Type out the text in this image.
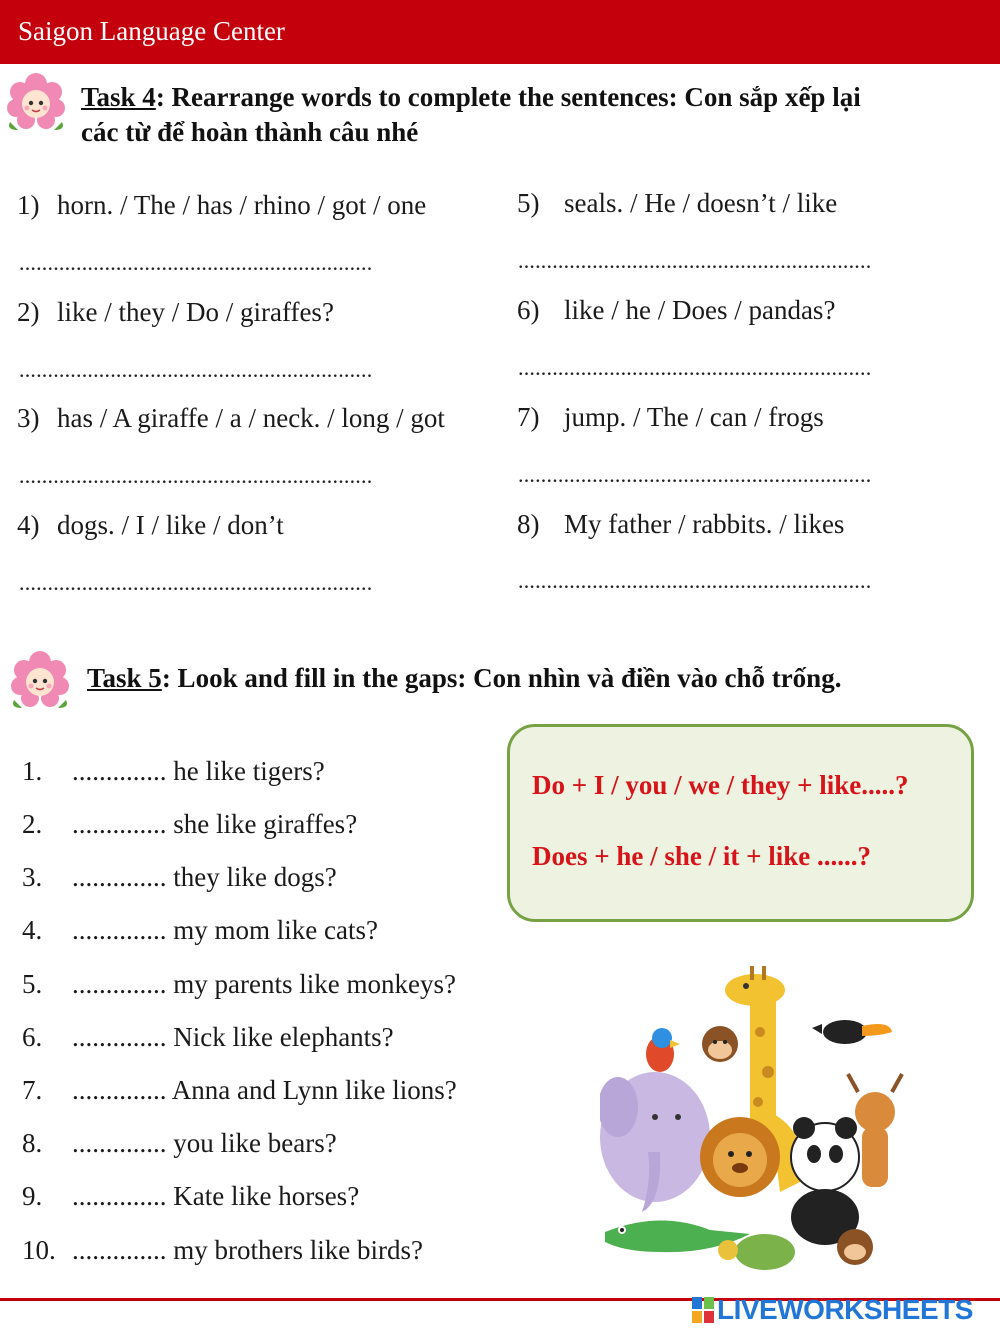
Saigon Language Center
Task 4: Rearrange words to complete the sentences: Con sắp xếp lại
các từ để hoàn thành câu nhé
1) horn. / The / has / rhino / got / one
..............................................................
2) like / they / Do / giraffes?
..............................................................
3) has / A giraffe / a / neck. / long / got
..............................................................
4) dogs. / I / like / don’t
..............................................................
5) seals. / He / doesn’t / like
..............................................................
6) like / he / Does / pandas?
..............................................................
7) jump. / The / can / frogs
..............................................................
8) My father / rabbits. / likes
..............................................................
Task 5: Look and fill in the gaps: Con nhìn và điền vào chỗ trống.
1. .............. he like tigers?
2. .............. she like giraffes?
3. .............. they like dogs?
4. .............. my mom like cats?
5. .............. my parents like monkeys?
6. .............. Nick like elephants?
7. .............. Anna and Lynn like lions?
8. .............. you like bears?
9. .............. Kate like horses?
10. .............. my brothers like birds?
Do + I / you / we / they + like.....?
Does + he / she / it + like ......?
LIVEWORKSHEETS
